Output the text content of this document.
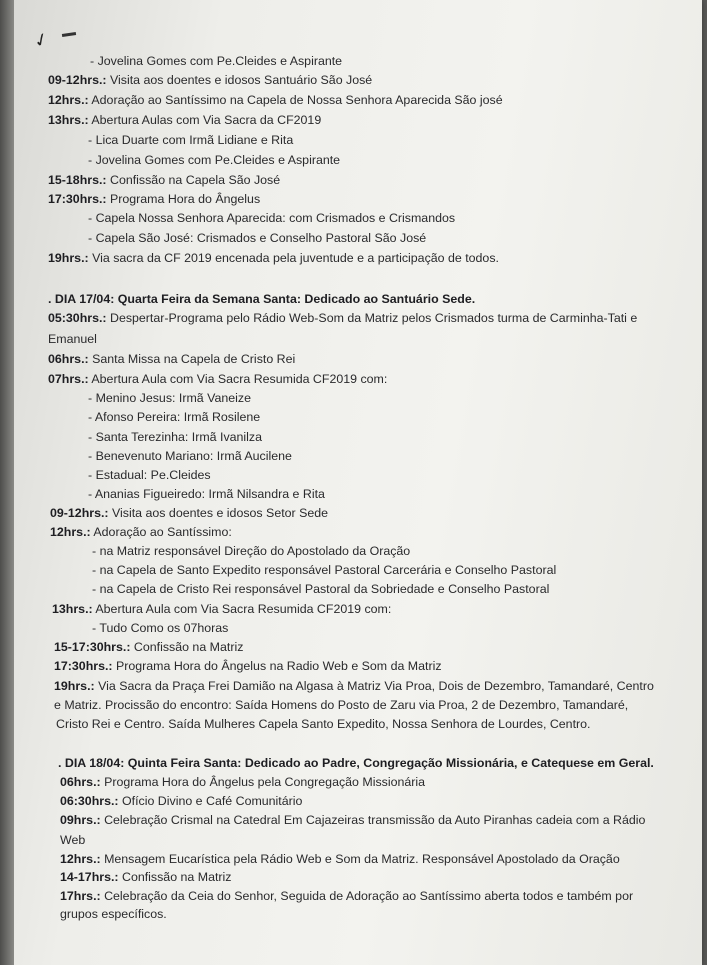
✓
- Jovelina Gomes com Pe.Cleides e Aspirante
09-12hrs.: Visita aos doentes e idosos Santuário São José
12hrs.: Adoração ao Santíssimo na Capela de Nossa Senhora Aparecida São josé
13hrs.: Abertura Aulas com Via Sacra da CF2019
- Lica Duarte com Irmã Lidiane e Rita
- Jovelina Gomes com Pe.Cleides e Aspirante
15-18hrs.: Confissão na Capela São José
17:30hrs.: Programa Hora do Ângelus
- Capela Nossa Senhora Aparecida: com Crismados e Crismandos
- Capela São José: Crismados e Conselho Pastoral São José
19hrs.: Via sacra da CF 2019 encenada pela juventude e a participação de todos.
. DIA 17/04: Quarta Feira da Semana Santa: Dedicado ao Santuário Sede.
05:30hrs.: Despertar-Programa pelo Rádio Web-Som da Matriz pelos Crismados turma de Carminha-Tati e
Emanuel
06hrs.: Santa Missa na Capela de Cristo Rei
07hrs.: Abertura Aula com Via Sacra Resumida CF2019 com:
- Menino Jesus: Irmã Vaneize
- Afonso Pereira: Irmã Rosilene
- Santa Terezinha: Irmã Ivanilza
- Benevenuto Mariano: Irmã Aucilene
- Estadual: Pe.Cleides
- Ananias Figueiredo: Irmã Nilsandra e Rita
09-12hrs.: Visita aos doentes e idosos Setor Sede
12hrs.: Adoração ao Santíssimo:
- na Matriz responsável Direção do Apostolado da Oração
- na Capela de Santo Expedito responsável Pastoral Carcerária e Conselho Pastoral
- na Capela de Cristo Rei responsável Pastoral da Sobriedade e Conselho Pastoral
13hrs.: Abertura Aula com Via Sacra Resumida CF2019 com:
- Tudo Como os 07horas
15-17:30hrs.: Confissão na Matriz
17:30hrs.: Programa Hora do Ângelus na Radio Web e Som da Matriz
19hrs.: Via Sacra da Praça Frei Damião na Algasa à Matriz Via Proa, Dois de Dezembro, Tamandaré, Centro
e Matriz. Procissão do encontro: Saída Homens do Posto de Zaru via Proa, 2 de Dezembro, Tamandaré,
Cristo Rei e Centro. Saída Mulheres Capela Santo Expedito, Nossa Senhora de Lourdes, Centro.
. DIA 18/04: Quinta Feira Santa: Dedicado ao Padre, Congregação Missionária, e Catequese em Geral.
06hrs.: Programa Hora do Ângelus pela Congregação Missionária
06:30hrs.: Ofício Divino e Café Comunitário
09hrs.: Celebração Crismal na Catedral Em Cajazeiras transmissão da Auto Piranhas cadeia com a Rádio
Web
12hrs.: Mensagem Eucarística pela Rádio Web e Som da Matriz. Responsável Apostolado da Oração
14-17hrs.: Confissão na Matriz
17hrs.: Celebração da Ceia do Senhor, Seguida de Adoração ao Santíssimo aberta todos e também por
grupos específicos.
